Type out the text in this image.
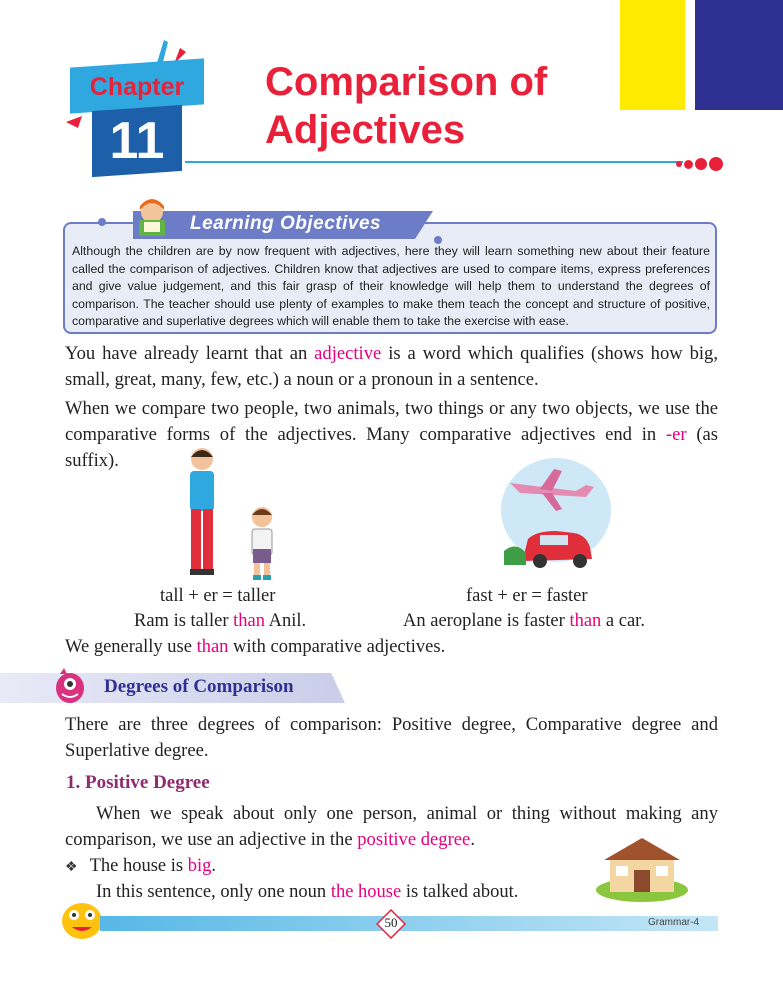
Chapter
11
Comparison of
Adjectives
Learning Objectives
Although the children are by now frequent with adjectives, here they will learn something new about their feature called the comparison of adjectives. Children know that adjectives are used to compare items, express preferences and give value judgement, and this fair grasp of their knowledge will help them to understand the degrees of comparison. The teacher should use plenty of examples to make them teach the concept and structure of positive, comparative and superlative degrees which will enable them to take the exercise with ease.
You have already learnt that an adjective is a word which qualifies (shows how big, small, great, many, few, etc.) a noun or a pronoun in a sentence.
When we compare two people, two animals, two things or any two objects, we use the comparative forms of the adjectives. Many comparative adjectives end in -er (as suffix).
tall + er = taller
Ram is taller than Anil.
fast + er = faster
An aeroplane is faster than a car.
We generally use than with comparative adjectives.
Degrees of Comparison
There are three degrees of comparison: Positive degree, Comparative degree and Superlative degree.
1. Positive Degree
When we speak about only one person, animal or thing without making any comparison, we use an adjective in the positive degree.
❖ The house is big.
In this sentence, only one noun the house is talked about.
50	Grammar-4
